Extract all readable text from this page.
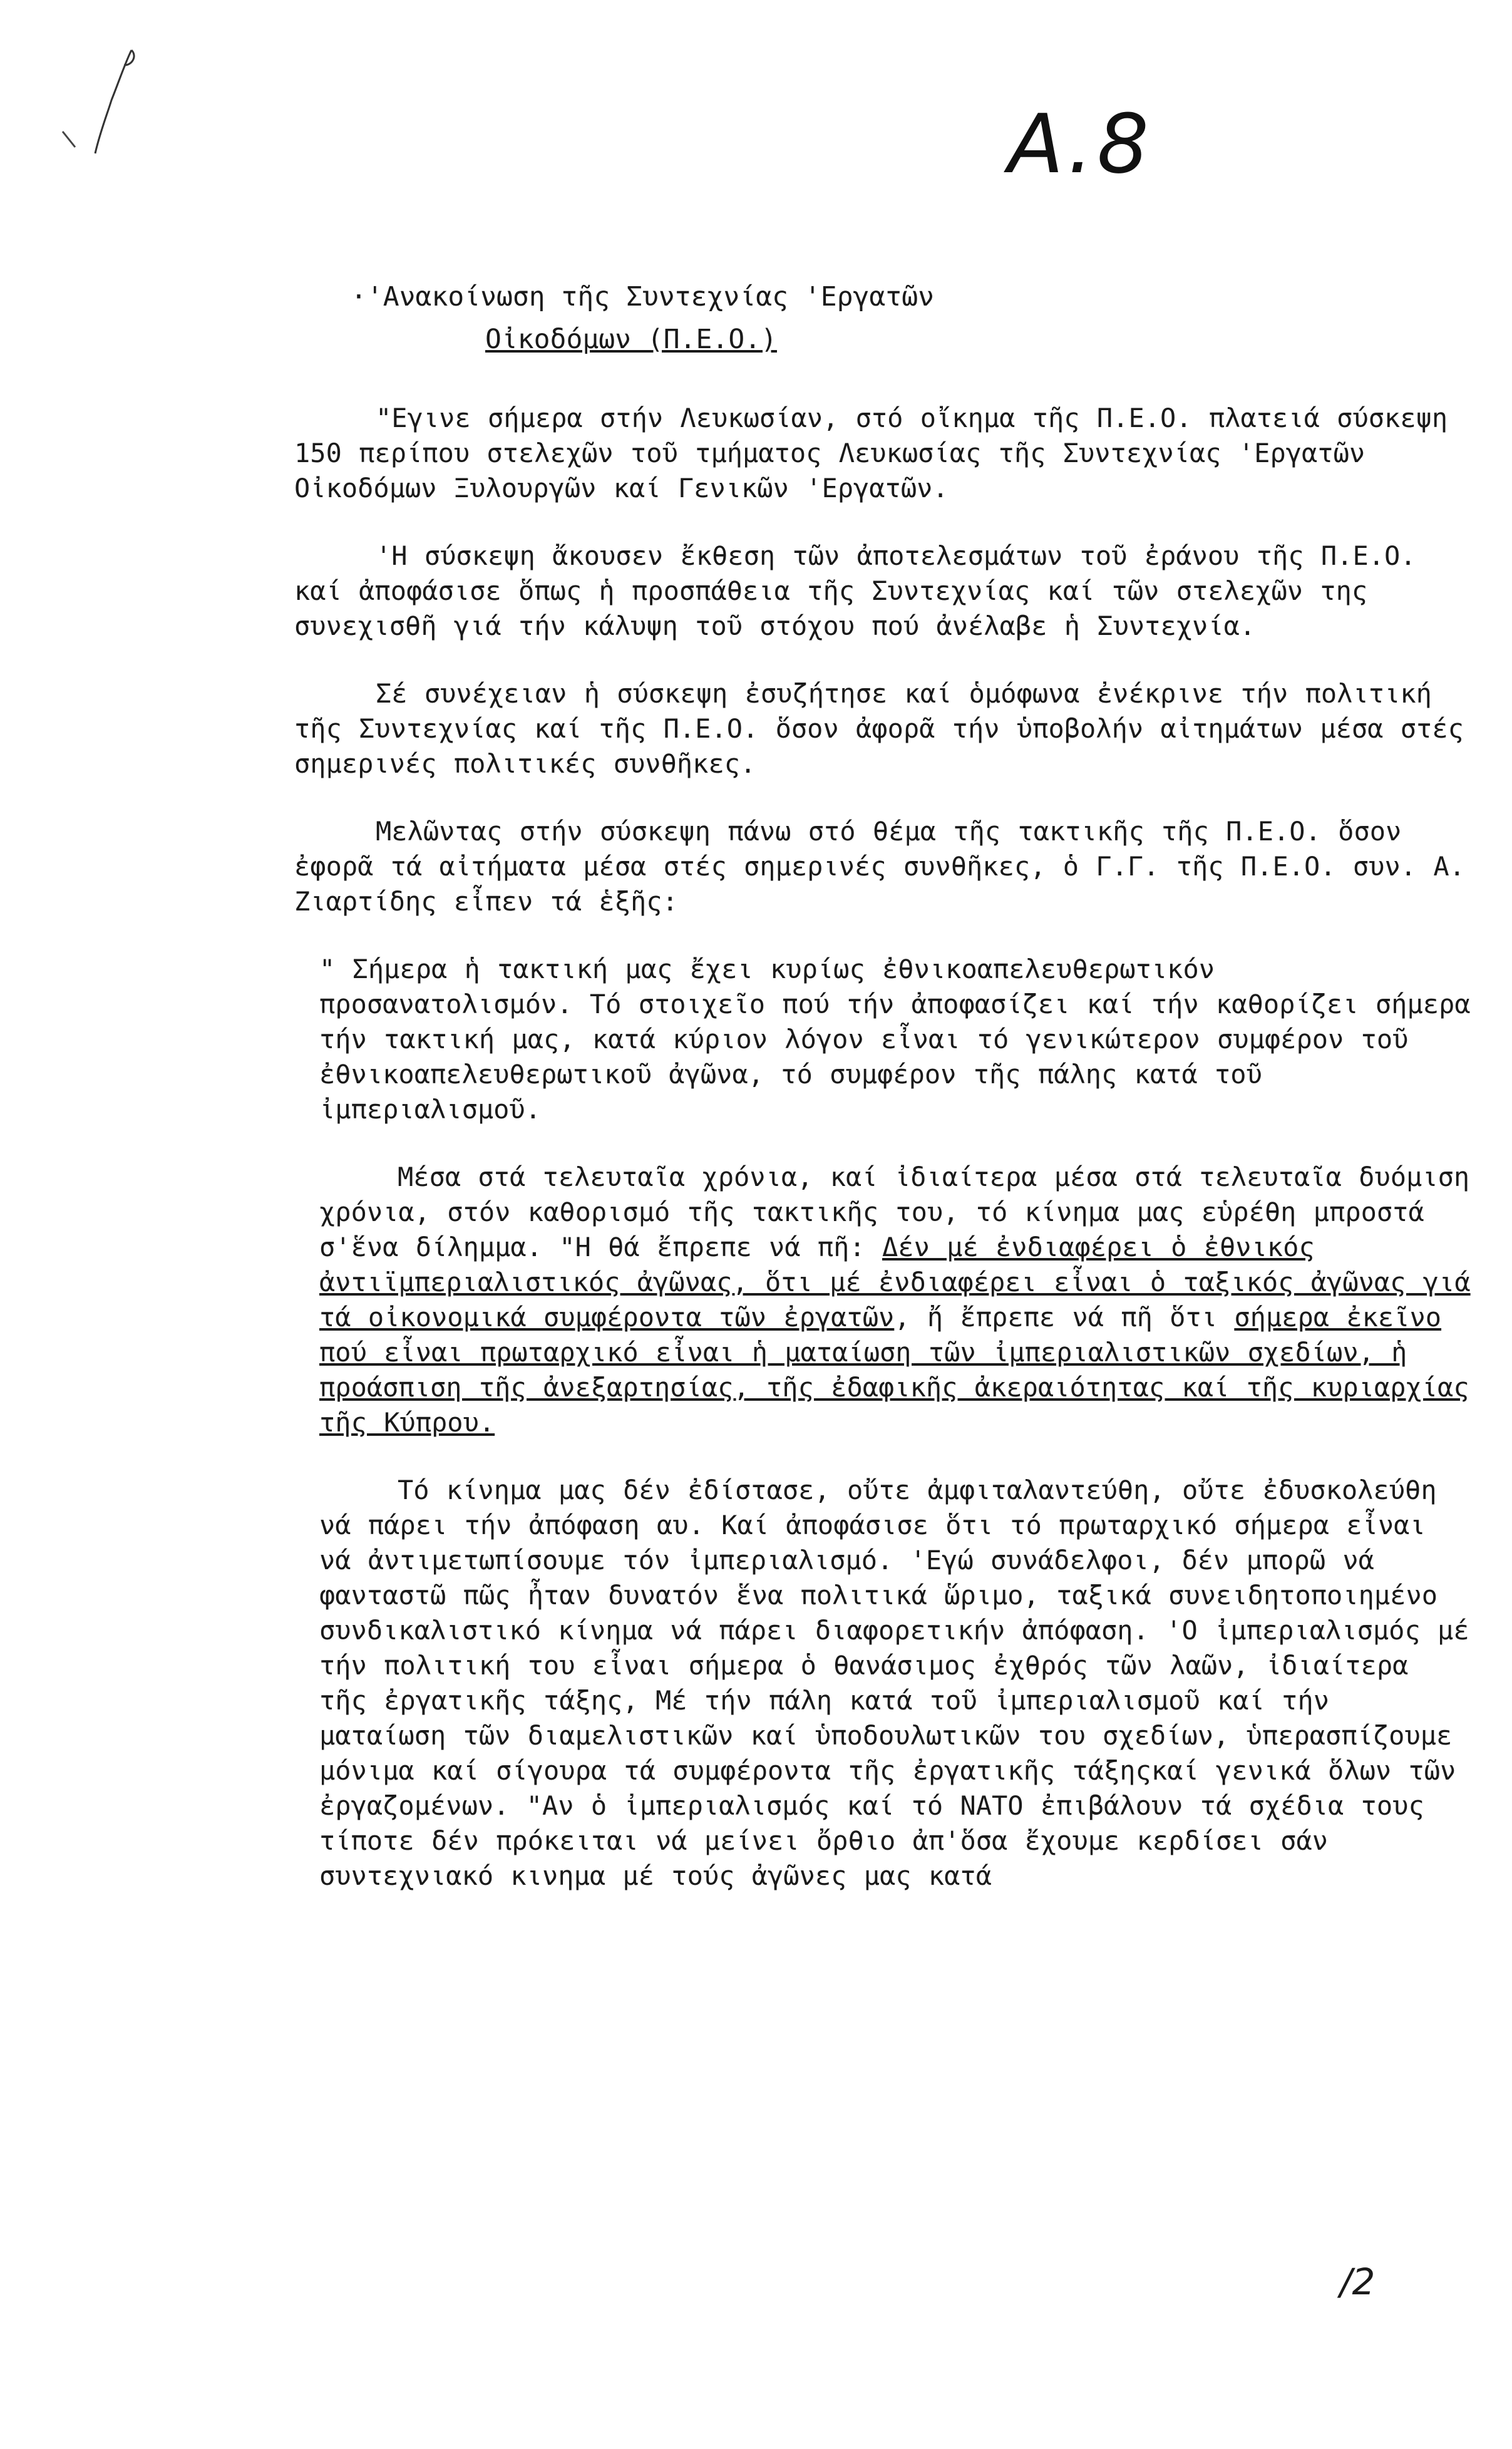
Α.8
·'Ανακοίνωση τῆς Συντεχνίας 'Εργατῶν
Οἰκοδόμων (Π.Ε.Ο.)

"Εγινε σήμερα στήν Λευκωσίαν, στό οἴκημα τῆς Π.Ε.Ο. πλατειά σύσκεψη 150 περίπου στελεχῶν τοῦ τμήματος Λευκωσίας τῆς Συντεχνίας 'Εργατῶν Οἰκοδόμων Ξυλουργῶν καί Γενικῶν 'Εργατῶν.

'Η σύσκεψη ἄκουσεν ἔκθεση τῶν ἀποτελεσμάτων τοῦ ἐράνου τῆς Π.Ε.Ο. καί ἀποφάσισε ὅπως ἡ προσπάθεια τῆς Συντεχνίας καί τῶν στελεχῶν της συνεχισθῆ γιά τήν κάλυψη τοῦ στόχου πού ἀνέλαβε ἡ Συντεχνία.

Σέ συνέχειαν ἡ σύσκεψη ἐσυζήτησε καί ὁμόφωνα ἐνέκρινε τήν πολιτική τῆς Συντεχνίας καί τῆς Π.Ε.Ο. ὅσον ἀφορᾶ τήν ὑποβολήν αἰτημάτων μέσα στές σημερινές πολιτικές συνθῆκες.

Μελῶντας στήν σύσκεψη πάνω στό θέμα τῆς τακτικῆς τῆς Π.Ε.Ο. ὅσον ἐφορᾶ τά αἰτήματα μέσα στές σημερινές συνθῆκες, ὁ Γ.Γ. τῆς Π.Ε.Ο. συν. Α. Ζιαρτίδης εἶπεν τά ἑξῆς:

" Σήμερα ἡ τακτική μας ἔχει κυρίως ἐθνικοαπελευθερωτικόν προσανατολισμόν. Τό στοιχεῖο πού τήν ἀποφασίζει καί τήν καθορίζει σήμερα τήν τακτική μας, κατά κύριον λόγον εἶναι τό γενικώτερον συμφέρον τοῦ ἐθνικοαπελευθερωτικοῦ ἀγῶνα, τό συμφέρον τῆς πάλης κατά τοῦ ἰμπεριαλισμοῦ.

Μέσα στά τελευταῖα χρόνια, καί ἰδιαίτερα μέσα στά τελευταῖα δυόμιση χρόνια, στόν καθορισμό τῆς τακτικῆς του, τό κίνημα μας εὑρέθη μπροστά σ'ἕνα δίλημμα. "Η θά ἔπρεπε νά πῆ: Δέν μέ ἐνδιαφέρει ὁ ἐθνικός ἀντιϊμπεριαλιστικός ἀγῶνας, ὅτι μέ ἐνδιαφέρει εἶναι ὁ ταξικός ἀγῶνας γιά τά οἰκονομικά συμφέροντα τῶν ἐργατῶν, ἤ ἔπρεπε νά πῆ ὅτι σήμερα ἐκεῖνο πού εἶναι πρωταρχικό εἶναι ἡ ματαίωση τῶν ἰμπεριαλιστικῶν σχεδίων, ἡ προάσπιση τῆς ἀνεξαρτησίας, τῆς ἐδαφικῆς ἀκεραιότητας καί τῆς κυριαρχίας τῆς Κύπρου.

Τό κίνημα μας δέν ἐδίστασε, οὔτε ἀμφιταλαντεύθη, οὔτε ἐδυσκολεύθη νά πάρει τήν ἀπόφαση αυ. Καί ἀποφάσισε ὅτι τό πρωταρχικό σήμερα εἶναι νά ἀντιμετωπίσουμε τόν ἰμπεριαλισμό. 'Εγώ συνάδελφοι, δέν μπορῶ νά φανταστῶ πῶς ἦταν δυνατόν ἕνα πολιτικά ὥριμο, ταξικά συνειδητοποιημένο συνδικαλιστικό κίνημα νά πάρει διαφορετικήν ἀπόφαση. 'Ο ἰμπεριαλισμός μέ τήν πολιτική του εἶναι σήμερα ὁ θανάσιμος ἐχθρός τῶν λαῶν, ἰδιαίτερα τῆς ἐργατικῆς τάξης, Μέ τήν πάλη κατά τοῦ ἰμπεριαλισμοῦ καί τήν ματαίωση τῶν διαμελιστικῶν καί ὑποδουλωτικῶν του σχεδίων, ὑπερασπίζουμε μόνιμα καί σίγουρα τά συμφέροντα τῆς ἐργατικῆς τάξηςκαί γενικά ὅλων τῶν ἐργαζομένων. "Αν ὁ ἰμπεριαλισμός καί τό ΝΑΤΟ ἐπιβάλουν τά σχέδια τους τίποτε δέν πρόκειται νά μείνει ὄρθιο ἀπ'ὅσα ἔχουμε κερδίσει σάν συντεχνιακό κινημα μέ τούς ἀγῶνες μας κατά

/2
